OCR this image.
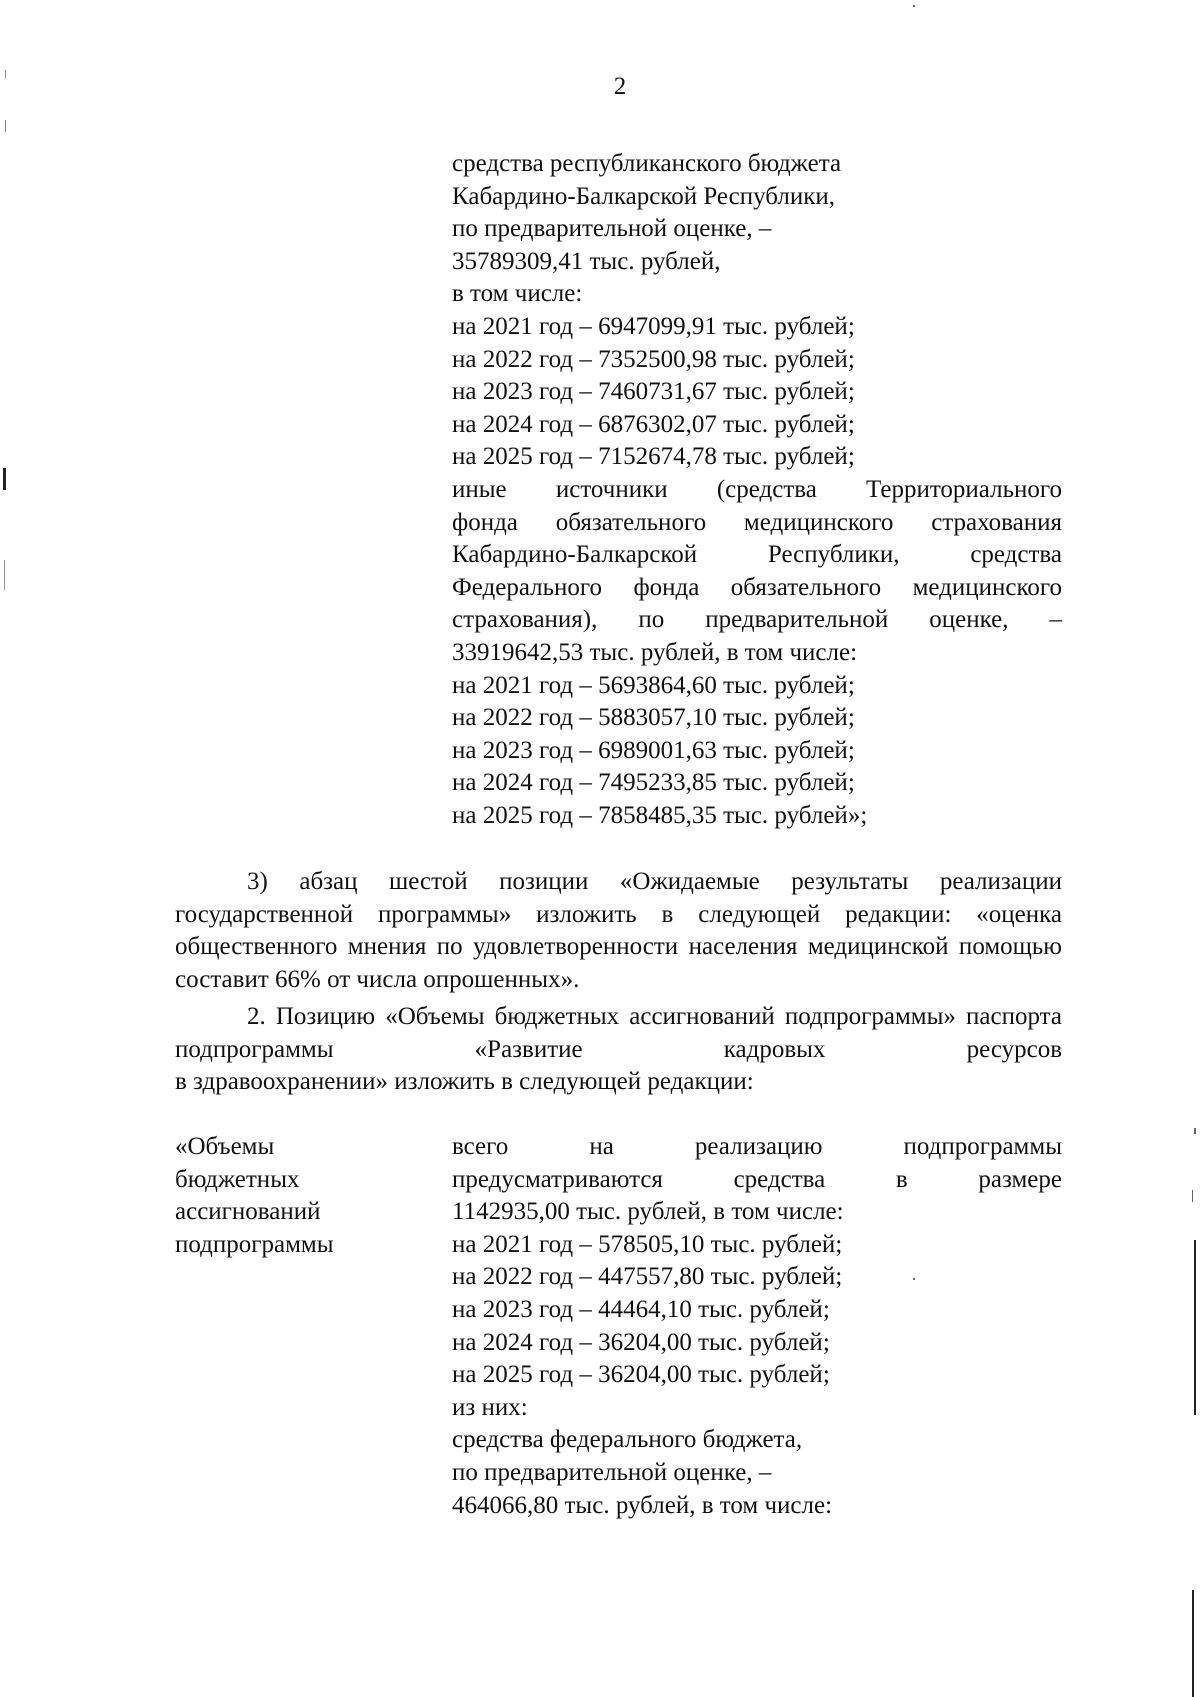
2
средства республиканского бюджета
Кабардино-Балкарской Республики,
по предварительной оценке, –
35789309,41 тыс. рублей,
в том числе:
на 2021 год – 6947099,91 тыс. рублей;
на 2022 год – 7352500,98 тыс. рублей;
на 2023 год – 7460731,67 тыс. рублей;
на 2024 год – 6876302,07 тыс. рублей;
на 2025 год – 7152674,78 тыс. рублей;
иные источники (средства Территориального
фонда обязательного медицинского страхования
Кабардино-Балкарской Республики, средства
Федерального фонда обязательного медицинского
страхования), по предварительной оценке, –
33919642,53 тыс. рублей, в том числе:
на 2021 год – 5693864,60 тыс. рублей;
на 2022 год – 5883057,10 тыс. рублей;
на 2023 год – 6989001,63 тыс. рублей;
на 2024 год – 7495233,85 тыс. рублей;
на 2025 год – 7858485,35 тыс. рублей»;

3) абзац шестой позиции «Ожидаемые результаты реализации государственной программы» изложить в следующей редакции: «оценка общественного мнения по удовлетворенности населения медицинской помощью составит 66% от числа опрошенных».

2. Позицию «Объемы бюджетных ассигнований подпрограммы» паспорта подпрограммы «Развитие кадровых ресурсов

в здравоохранении» изложить в следующей редакции:
«Объемы
бюджетных
ассигнований
подпрограммы
всего на реализацию подпрограммы
предусматриваются средства в размере
1142935,00 тыс. рублей, в том числе:
на 2021 год – 578505,10 тыс. рублей;
на 2022 год – 447557,80 тыс. рублей;
на 2023 год – 44464,10 тыс. рублей;
на 2024 год – 36204,00 тыс. рублей;
на 2025 год – 36204,00 тыс. рублей;
из них:
средства федерального бюджета,
по предварительной оценке, –
464066,80 тыс. рублей, в том числе:
